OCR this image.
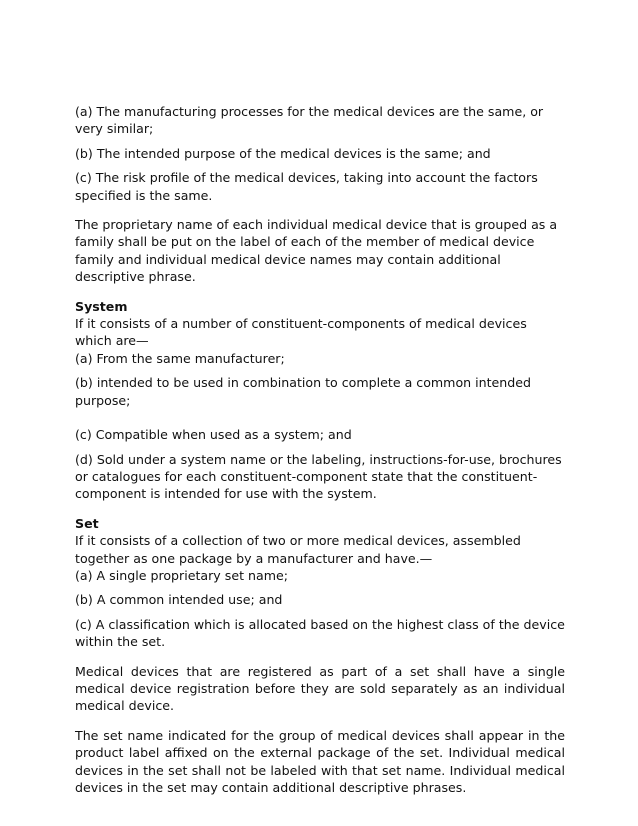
(a) The manufacturing processes for the medical devices are the same, or very similar;

(b) The intended purpose of the medical devices is the same; and

(c) The risk profile of the medical devices, taking into account the factors specified is the same.

The proprietary name of each individual medical device that is grouped as a family shall be put on the label of each of the member of medical device family and individual medical device names may contain additional descriptive phrase.

System

If it consists of a number of constituent-components of medical devices which are—

(a) From the same manufacturer;

(b) intended to be used in combination to complete a common intended purpose;

(c) Compatible when used as a system; and

(d) Sold under a system name or the labeling, instructions-for-use, brochures or catalogues for each constituent-component state that the constituent-component is intended for use with the system.

Set

If it consists of a collection of two or more medical devices, assembled together as one package by a manufacturer and have.—

(a) A single proprietary set name;

(b) A common intended use; and

(c) A classification which is allocated based on the highest class of the device within the set.

Medical devices that are registered as part of a set shall have a single medical device registration before they are sold separately as an individual medical device.

The set name indicated for the group of medical devices shall appear in the product label affixed on the external package of the set. Individual medical devices in the set shall not be labeled with that set name. Individual medical devices in the set may contain additional descriptive phrases.
